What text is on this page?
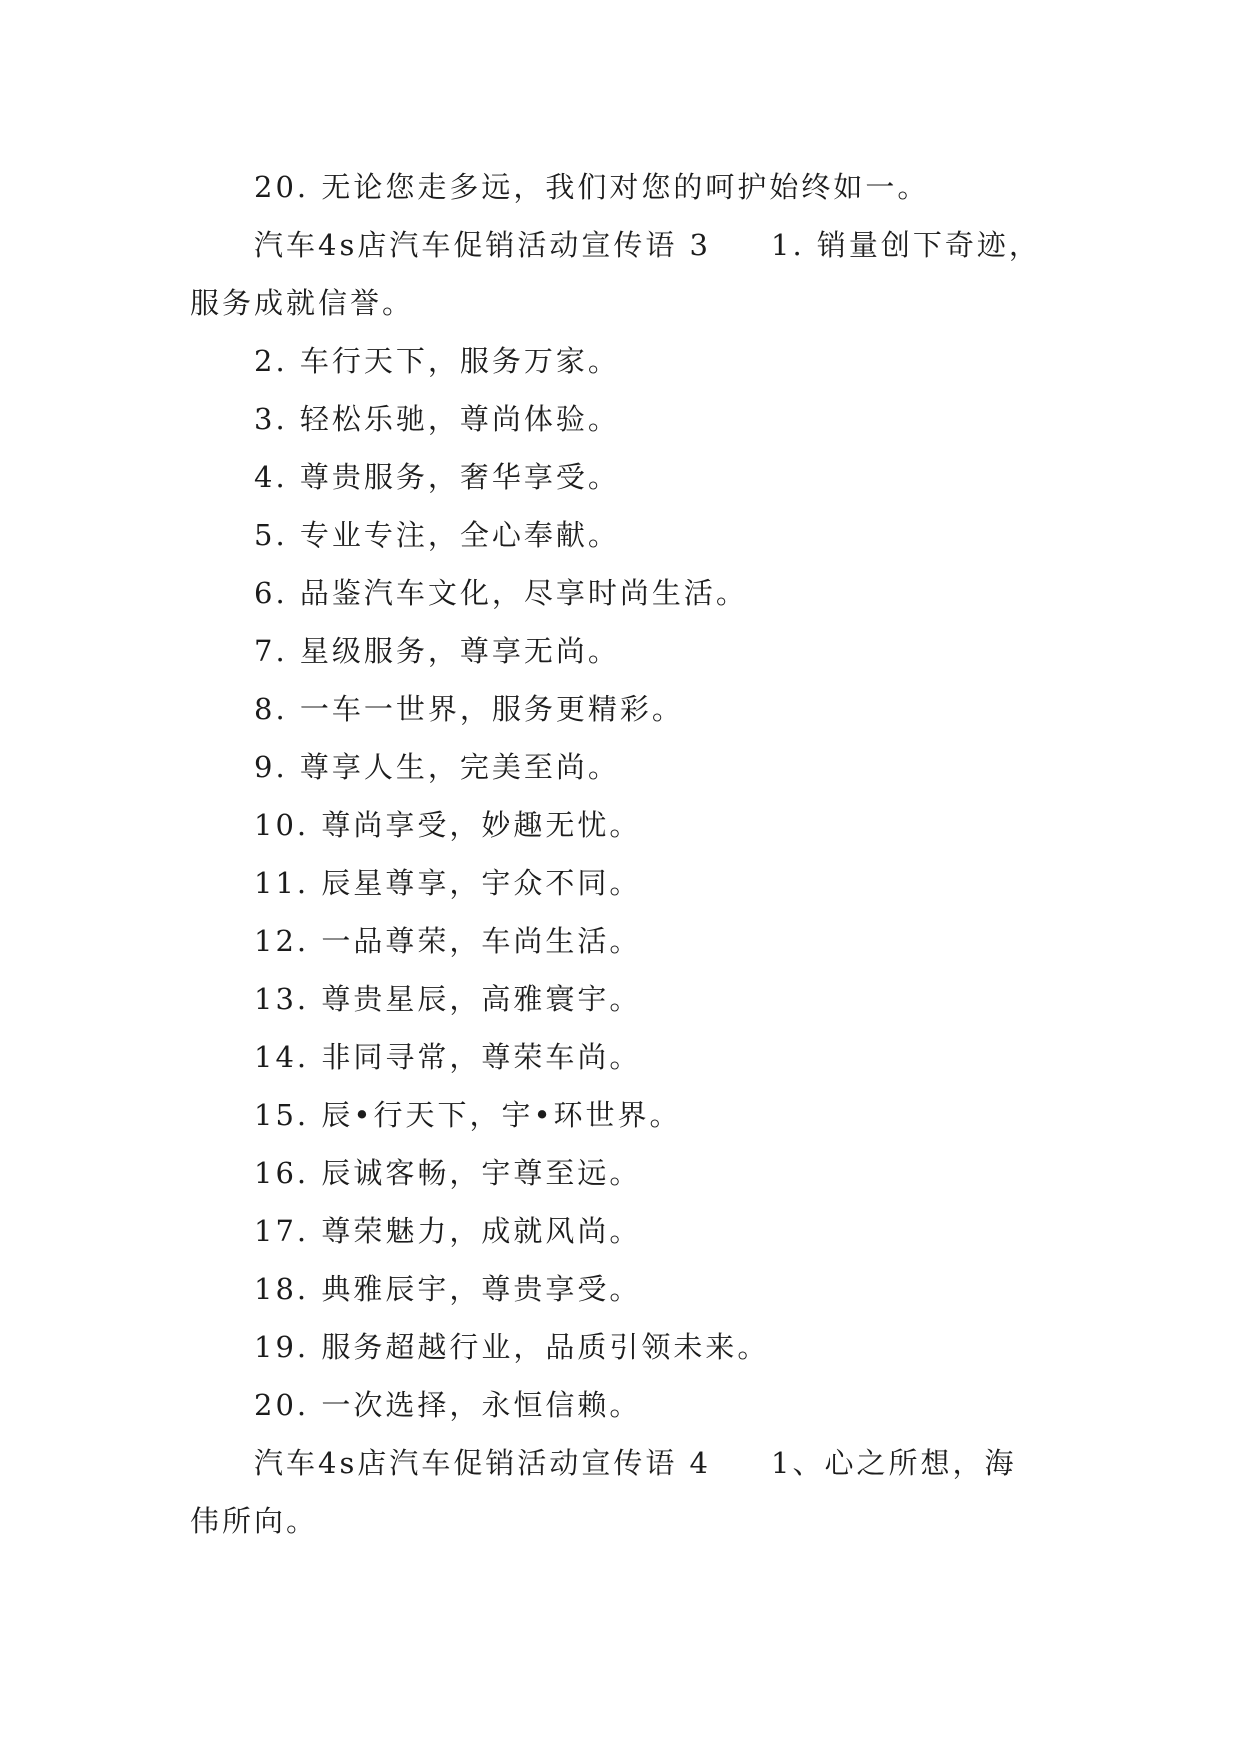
20. 无论您走多远，我们对您的呵护始终如一。
汽车4s店汽车促销活动宣传语 3 1. 销量创下奇迹，
服务成就信誉。
2. 车行天下，服务万家。
3. 轻松乐驰，尊尚体验。
4. 尊贵服务，奢华享受。
5. 专业专注，全心奉献。
6. 品鉴汽车文化，尽享时尚生活。
7. 星级服务，尊享无尚。
8. 一车一世界，服务更精彩。
9. 尊享人生，完美至尚。
10. 尊尚享受，妙趣无忧。
11. 辰星尊享，宇众不同。
12. 一品尊荣，车尚生活。
13. 尊贵星辰，高雅寰宇。
14. 非同寻常，尊荣车尚。
15. 辰•行天下，宇•环世界。
16. 辰诚客畅，宇尊至远。
17. 尊荣魅力，成就风尚。
18. 典雅辰宇，尊贵享受。
19. 服务超越行业，品质引领未来。
20. 一次选择，永恒信赖。
汽车4s店汽车促销活动宣传语 4 1、心之所想，海
伟所向。
